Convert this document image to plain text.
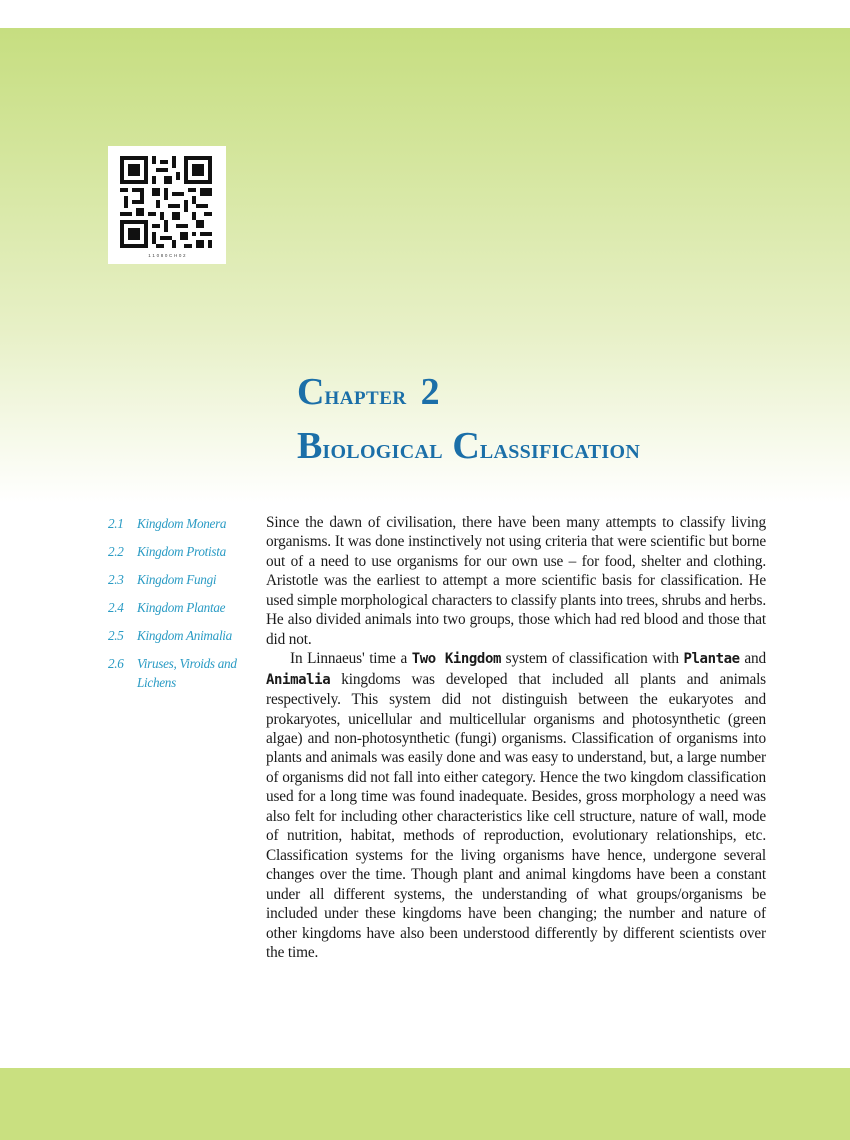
1 1 0 8 0 C H 0 2
CHAPTER 2
BIOLOGICAL CLASSIFICATION
2.1 Kingdom Monera
2.2 Kingdom Protista
2.3 Kingdom Fungi
2.4 Kingdom Plantae
2.5 Kingdom Animalia
2.6 Viruses, Viroids and Lichens

Since the dawn of civilisation, there have been many attempts to classify living organisms. It was done instinctively not using criteria that were scientific but borne out of a need to use organisms for our own use – for food, shelter and clothing. Aristotle was the earliest to attempt a more scientific basis for classification. He used simple morphological characters to classify plants into trees, shrubs and herbs. He also divided animals into two groups, those which had red blood and those that did not.

In Linnaeus' time a Two Kingdom system of classification with Plantae and Animalia kingdoms was developed that included all plants and animals respectively. This system did not distinguish between the eukaryotes and prokaryotes, unicellular and multicellular organisms and photosynthetic (green algae) and non-photosynthetic (fungi) organisms. Classification of organisms into plants and animals was easily done and was easy to understand, but, a large number of organisms did not fall into either category. Hence the two kingdom classification used for a long time was found inadequate. Besides, gross morphology a need was also felt for including other characteristics like cell structure, nature of wall, mode of nutrition, habitat, methods of reproduction, evolutionary relationships, etc. Classification systems for the living organisms have hence, undergone several changes over the time. Though plant and animal kingdoms have been a constant under all different systems, the understanding of what groups/organisms be included under these kingdoms have been changing; the number and nature of other kingdoms have also been understood differently by different scientists over the time.
